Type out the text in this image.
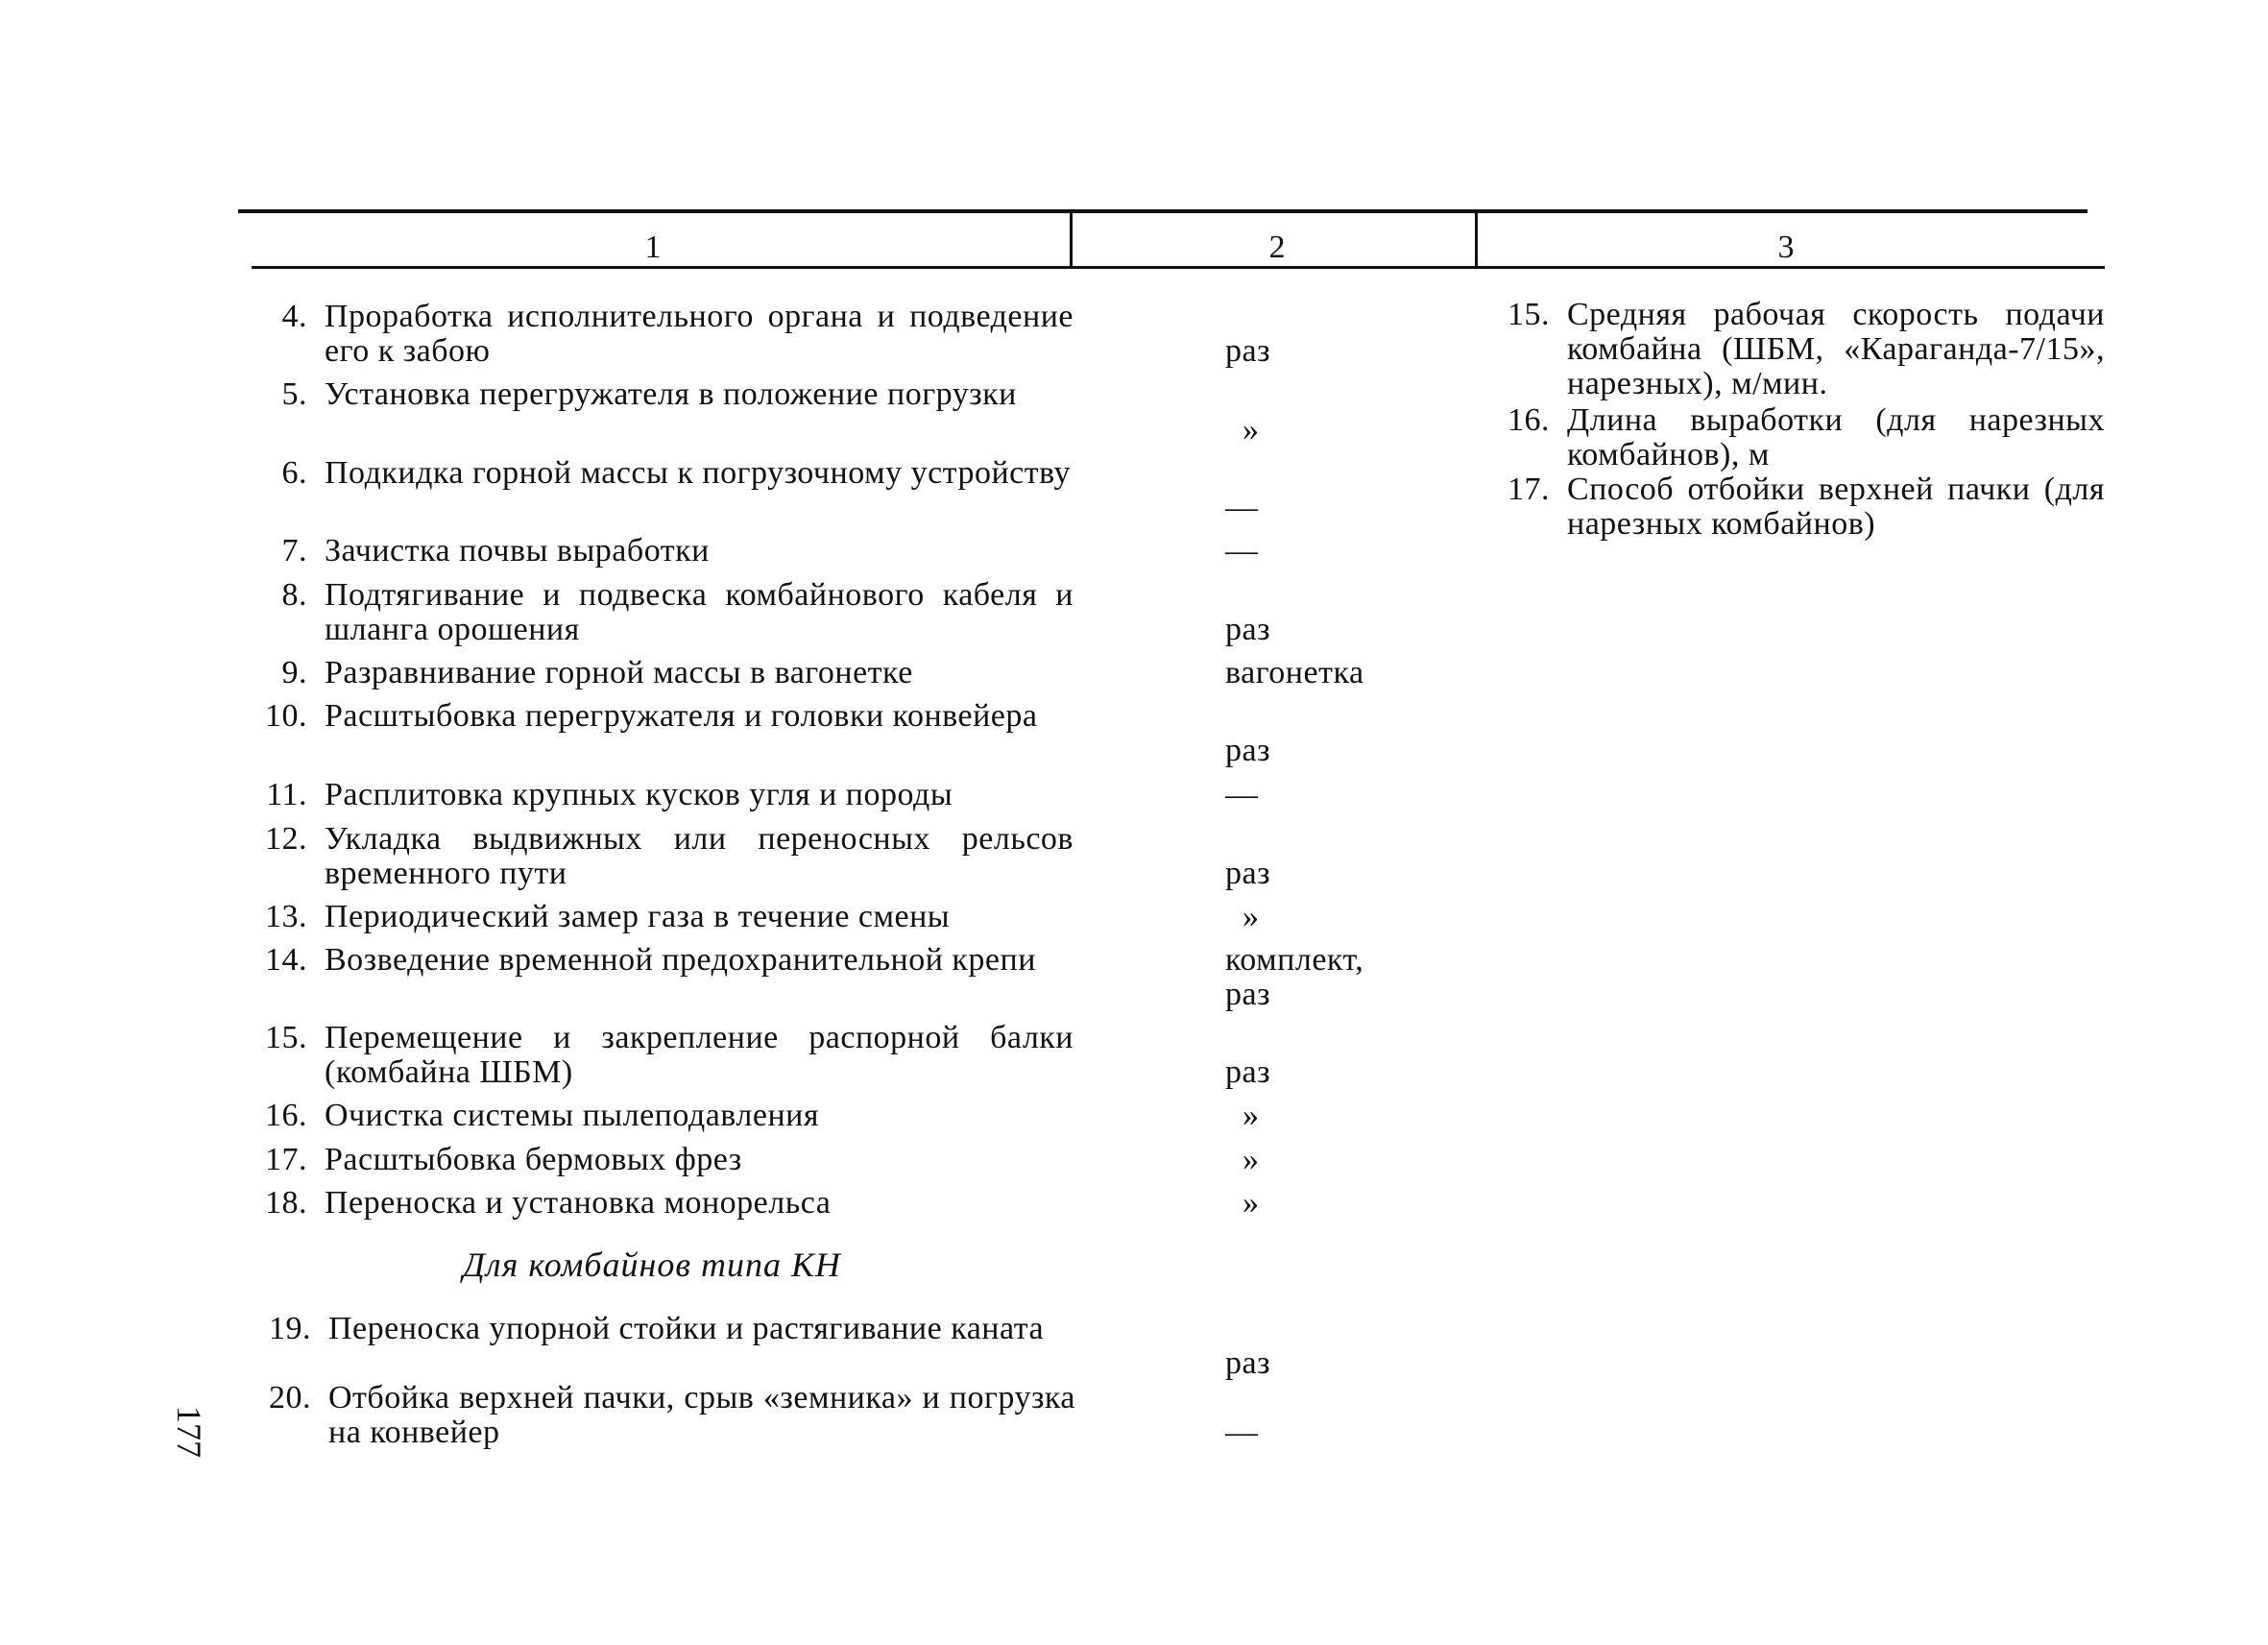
1	2	3
4. Проработка исполнительного органа и подведение его к забою
5. Установка перегружателя в положение погрузки
6. Подкидка горной массы к погрузочному устройству
7. Зачистка почвы выработки
8. Подтягивание и подвеска комбайнового кабеля и шланга орошения
9. Разравнивание горной массы в вагонетке
10. Расштыбовка перегружателя и головки конвейера
11. Расплитовка крупных кусков угля и породы
12. Укладка выдвижных или переносных рельсов временного пути
13. Периодический замер газа в течение смены
14. Возведение временной предохранительной крепи
15. Перемещение и закрепление распорной балки (комбайна ШБМ)
16. Очистка системы пылеподавления
17. Расштыбовка бермовых фрез
18. Переноска и установка монорельса
раз
»
—
—
раз
вагонетка
раз
—
раз
»
комплект, раз
раз
»
»
»
Для комбайнов типа КН
19. Переноска упорной стойки и растягивание каната
20. Отбойка верхней пачки, срыв «земника» и погрузка на конвейер
раз
—
15. Средняя рабочая скорость подачи комбайна (ШБМ, «Караганда-7/15», нарезных), м/мин.
16. Длина выработки (для нарезных комбайнов), м
17. Способ отбойки верхней пачки (для нарезных комбайнов)
177
